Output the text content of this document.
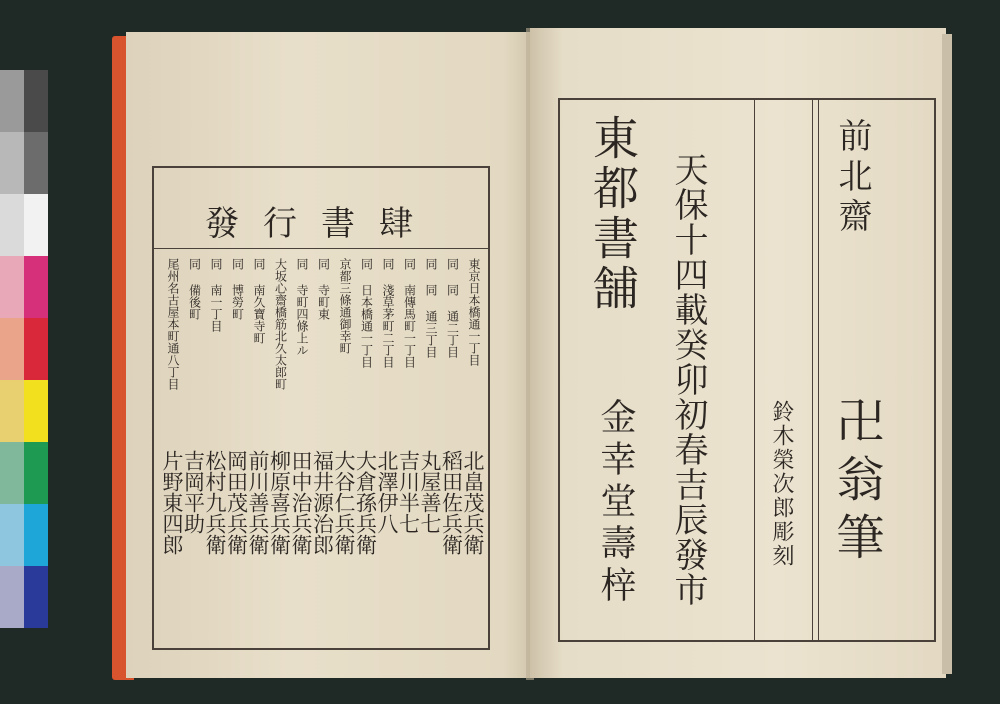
發行書肆
東京日本橋通一丁目
同 同 通二丁目
同 同 通三丁目
同 南傳馬町一丁目
同 淺草茅町二丁目
同 日本橋通一丁目
京都三條通御幸町
同 寺町東
同 寺町四條上ル
大坂心齋橋筋北久太郎町
同 南久寶寺町
同 博勞町
同 南一丁目
同 備後町
尾州名古屋本町通八丁目
北畠茂兵衛
稻田佐兵衛
丸屋善七
吉川半七
北澤伊八
大倉孫兵衛
大谷仁兵衛
福井源治郎
田中治兵衛
柳原喜兵衛
前川善兵衛
岡田茂兵衛
松村九兵衛
吉岡平助
片野東四郎
前北齋
卍翁筆
鈴木榮次郎彫刻
天保十四載癸卯初春吉辰發市
東都書舗
金幸堂壽梓
